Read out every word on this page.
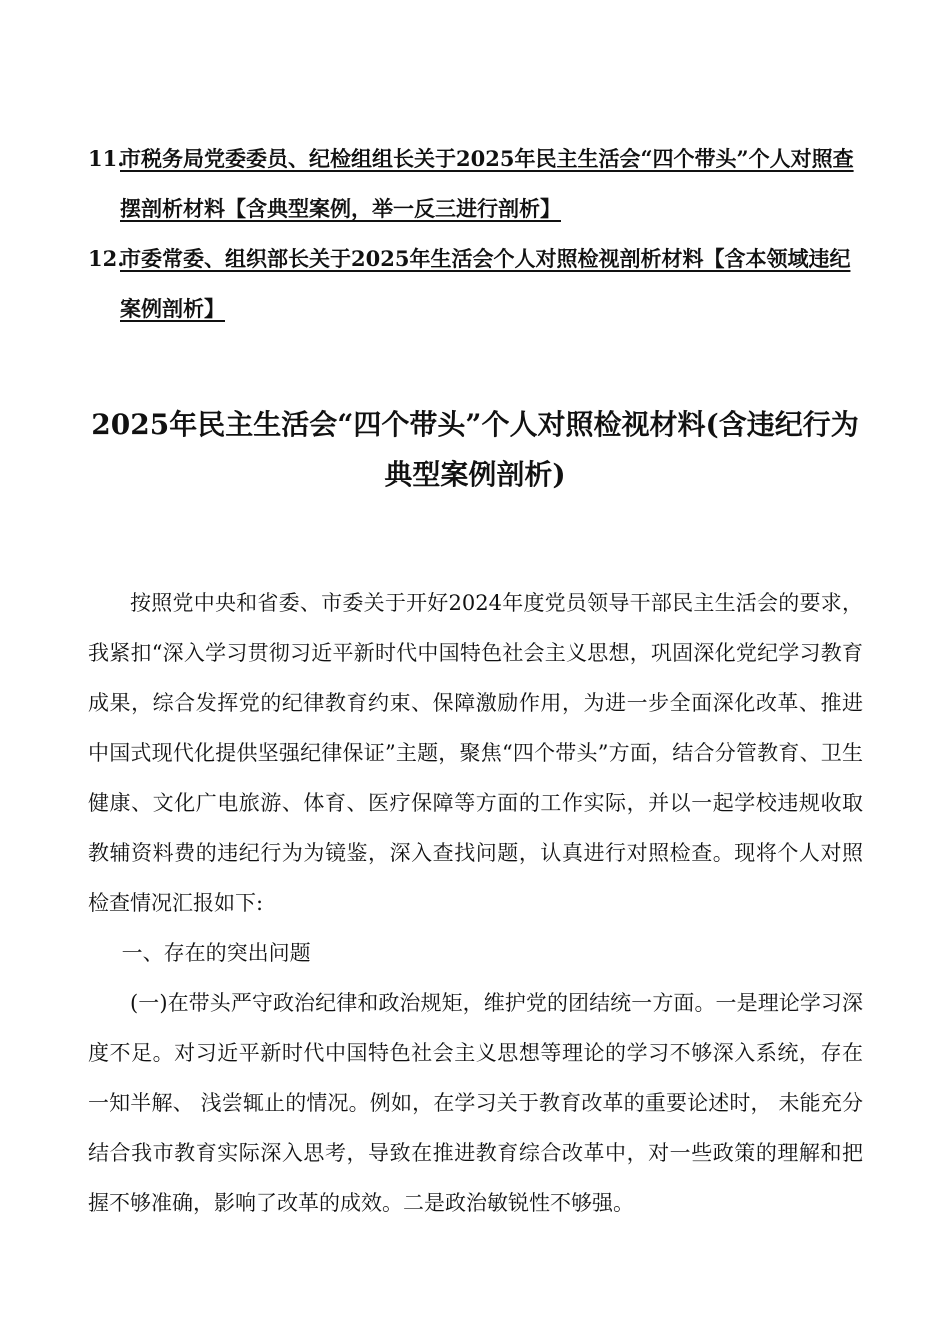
11.
市税务局党委委员、纪检组组长关于2025年民主生活会“四个带头”个人对照查摆剖析材料【含典型案例，举一反三进行剖析】
12.
市委常委、组织部长关于2025年生活会个人对照检视剖析材料【含本领域违纪案例剖析】
2025年民主生活会“四个带头”个人对照检视材料(含违纪行为典型案例剖析)

按照党中央和省委、市委关于开好2024年度党员领导干部民主生活会的要求，我紧扣“深入学习贯彻习近平新时代中国特色社会主义思想，巩固深化党纪学习教育成果，综合发挥党的纪律教育约束、保障激励作用，为进一步全面深化改革、推进中国式现代化提供坚强纪律保证”主题，聚焦“四个带头”方面，结合分管教育、卫生健康、文化广电旅游、体育、医疗保障等方面的工作实际，并以一起学校违规收取教辅资料费的违纪行为为镜鉴，深入查找问题，认真进行对照检查。现将个人对照检查情况汇报如下:

一、存在的突出问题

(一)在带头严守政治纪律和政治规矩，维护党的团结统一方面。一是理论学习深度不足。对习近平新时代中国特色社会主义思想等理论的学习不够深入系统，存在一知半解、 浅尝辄止的情况。例如，在学习关于教育改革的重要论述时， 未能充分结合我市教育实际深入思考，导致在推进教育综合改革中，对一些政策的理解和把握不够准确，影响了改革的成效。二是政治敏锐性不够强。
